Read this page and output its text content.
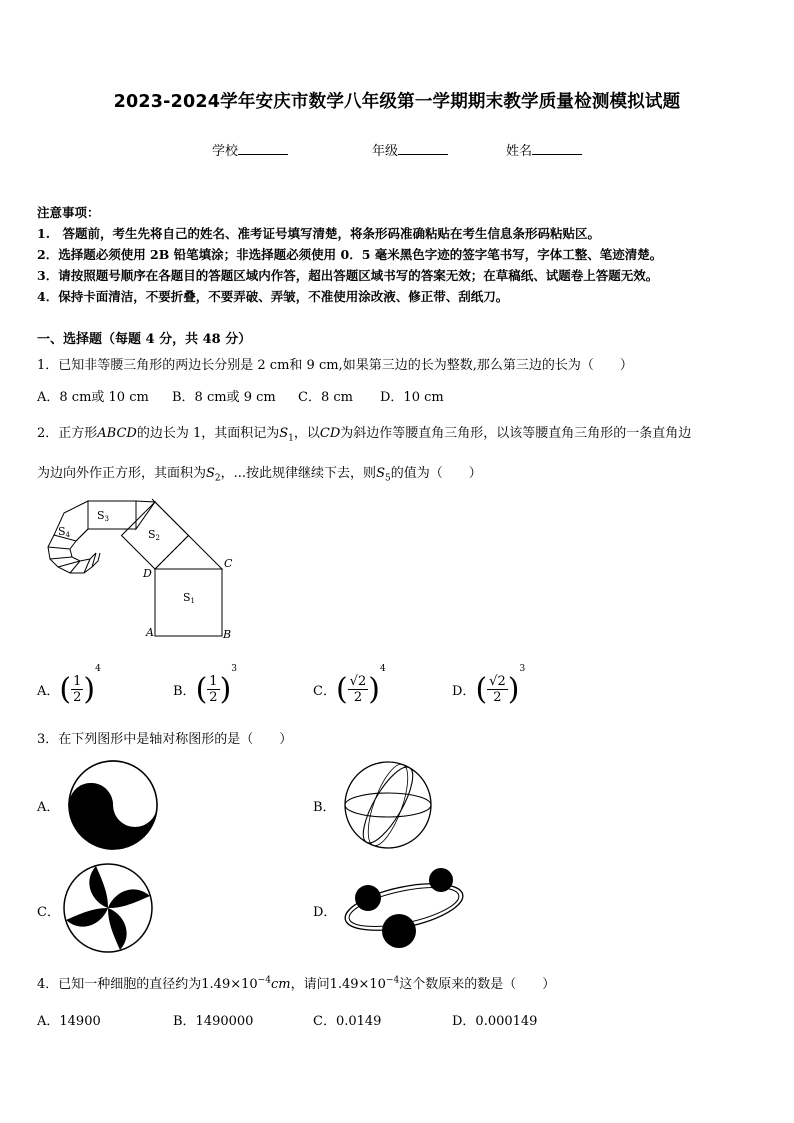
2023-2024学年安庆市数学八年级第一学期期末教学质量检测模拟试题
学校	年级	姓名
注意事项：
1.　答题前，考生先将自己的姓名、准考证号填写清楚，将条形码准确粘贴在考生信息条形码粘贴区。
2．选择题必须使用 2B 铅笔填涂；非选择题必须使用 0．5 毫米黑色字迹的签字笔书写，字体工整、笔迹清楚。
3．请按照题号顺序在各题目的答题区域内作答，超出答题区域书写的答案无效；在草稿纸、试题卷上答题无效。
4．保持卡面清洁，不要折叠，不要弄破、弄皱，不准使用涂改液、修正带、刮纸刀。
一、选择题（每题 4 分，共 48 分）
1．已知非等腰三角形的两边长分别是 2 cm和 9 cm,如果第三边的长为整数,那么第三边的长为（　　）
A．8 cm或 10 cm B．8 cm或 9 cm C．8 cm D．10 cm
2．正方形ABCD的边长为 1，其面积记为$S_1$，以CD为斜边作等腰直角三角形，以该等腰直角三角形的一条直角边
为边向外作正方形，其面积为$S_2$，...按此规律继续下去，则$S_5$的值为（　　）
S1
S2
S3
S4
D
C
A	B
A． ( $\frac{1}{2}$ )
$^4$
B． ( $\frac{1}{2}$ )
$^3$
C． ( $\frac{√2}{2}$ )
$^4$
D． ( $\frac{√2}{2}$ )
$^3$
3．在下列图形中是轴对称图形的是（　　）
A．	B．
C．	D．
4．已知一种细胞的直径约为$1.49\times 10^{-4}cm$，请问$1.49\times 10^{-4}$这个数原来的数是（　　）
A．14900	B．1490000	C．0.0149	D．0.000149
